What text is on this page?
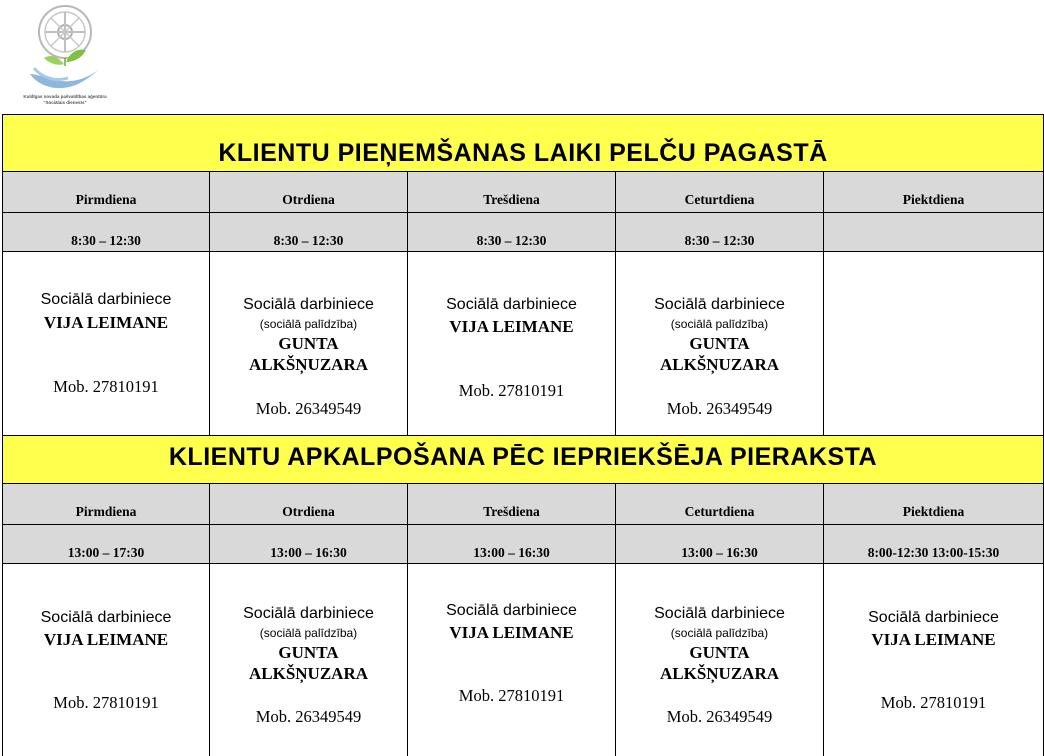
Kuldīgas novada pašvaldības aģentūra
"Sociālais dienests"
KLIENTU PIEŅEMŠANAS LAIKI PELČU PAGASTĀ
Pirmdiena	Otrdiena	Trešdiena	Ceturtdiena	Piektdiena
8:30 – 12:30	8:30 – 12:30	8:30 – 12:30	8:30 – 12:30
Sociālā darbiniece
VIJA LEIMANE
Mob. 27810191
Sociālā darbiniece
(sociālā palīdzība)
GUNTA
ALKŠŅUZARA
Mob. 26349549
Sociālā darbiniece
VIJA LEIMANE
Mob. 27810191
Sociālā darbiniece
(sociālā palīdzība)
GUNTA
ALKŠŅUZARA
Mob. 26349549
KLIENTU APKALPOŠANA PĒC IEPRIEKŠĒJA PIERAKSTA
Pirmdiena	Otrdiena	Trešdiena	Ceturtdiena	Piektdiena
13:00 – 17:30	13:00 – 16:30	13:00 – 16:30	13:00 – 16:30	8:00-12:30 13:00-15:30
Sociālā darbiniece
VIJA LEIMANE
Mob. 27810191
Sociālā darbiniece
(sociālā palīdzība)
GUNTA
ALKŠŅUZARA
Mob. 26349549
Sociālā darbiniece
VIJA LEIMANE
Mob. 27810191
Sociālā darbiniece
(sociālā palīdzība)
GUNTA
ALKŠŅUZARA
Mob. 26349549
Sociālā darbiniece
VIJA LEIMANE
Mob. 27810191
